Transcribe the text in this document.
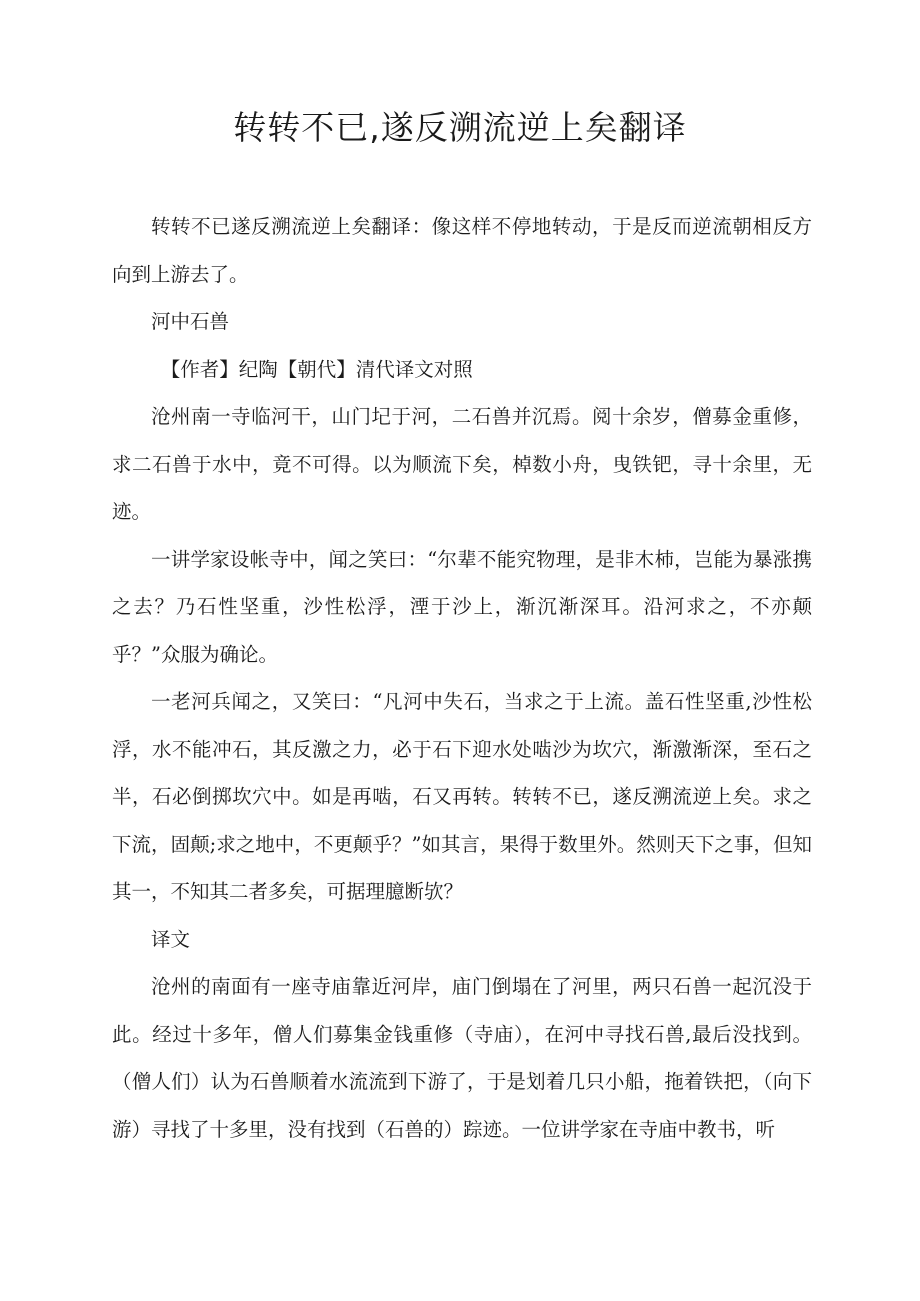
转转不已,遂反溯流逆上矣翻译

转转不已遂反溯流逆上矣翻译：像这样不停地转动，于是反而逆流朝相反方向到上游去了。

河中石兽

【作者】纪陶【朝代】清代译文对照

沧州南一寺临河干，山门圮于河，二石兽并沉焉。阅十余岁，僧募金重修，求二石兽于水中，竟不可得。以为顺流下矣，棹数小舟，曳铁钯，寻十余里，无迹。

一讲学家设帐寺中，闻之笑曰：“尔辈不能究物理，是非木杮，岂能为暴涨携之去？乃石性坚重，沙性松浮，湮于沙上，渐沉渐深耳。沿河求之，不亦颠乎？”众服为确论。

一老河兵闻之，又笑曰：“凡河中失石，当求之于上流。盖石性坚重,沙性松浮，水不能冲石，其反激之力，必于石下迎水处啮沙为坎穴，渐激渐深，至石之半，石必倒掷坎穴中。如是再啮，石又再转。转转不已，遂反溯流逆上矣。求之下流，固颠;求之地中，不更颠乎？”如其言，果得于数里外。然则天下之事，但知其一，不知其二者多矣，可据理臆断欤？

译文

沧州的南面有一座寺庙靠近河岸，庙门倒塌在了河里，两只石兽一起沉没于此。经过十多年，僧人们募集金钱重修（寺庙），在河中寻找石兽,最后没找到。（僧人们）认为石兽顺着水流流到下游了，于是划着几只小船，拖着铁把，（向下游）寻找了十多里，没有找到（石兽的）踪迹。一位讲学家在寺庙中教书，听
